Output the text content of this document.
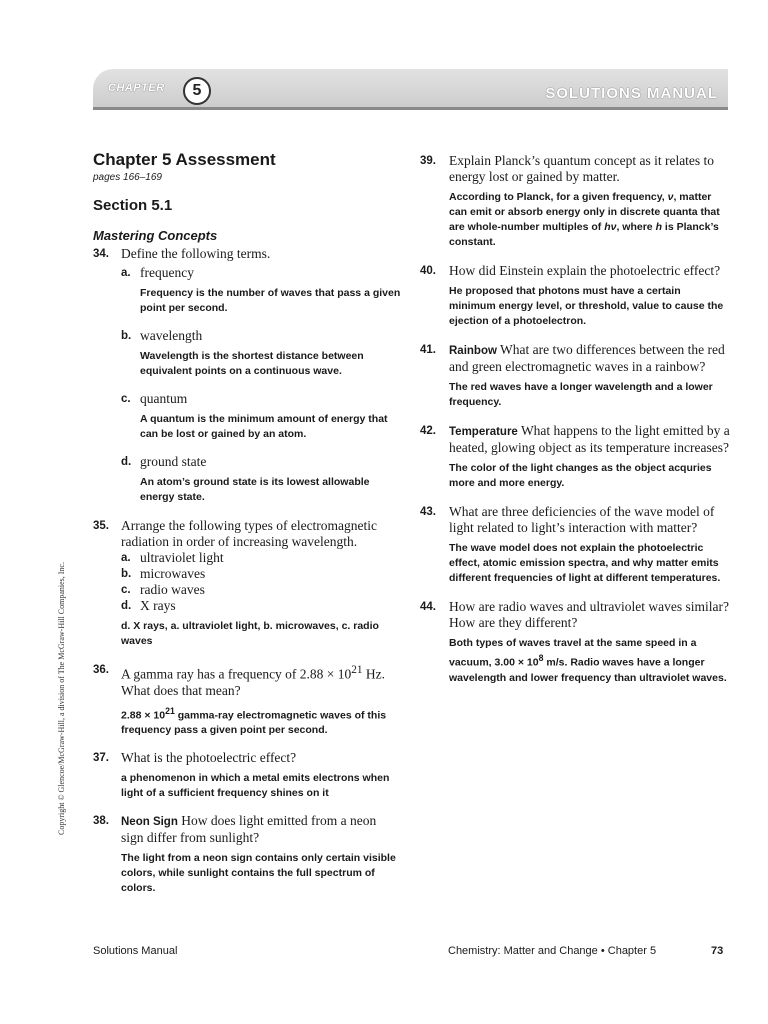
CHAPTER	5	SOLUTIONS MANUAL
Copyright © Glencoe/McGraw-Hill, a division of The McGraw-Hill Companies, Inc.
Chapter 5 Assessment
pages 166–169
Section 5.1
Mastering Concepts
34. Define the following terms.
a. frequency
Frequency is the number of waves that pass a given point per second.
b. wavelength
Wavelength is the shortest distance between equivalent points on a continuous wave.
c. quantum
A quantum is the minimum amount of energy that can be lost or gained by an atom.
d. ground state
An atom’s ground state is its lowest allowable energy state.
35. Arrange the following types of electromagnetic radiation in order of increasing wavelength.
a. ultraviolet light
b. microwaves
c. radio waves
d. X rays
d. X rays, a. ultraviolet light, b. microwaves, c. radio waves
36. A gamma ray has a frequency of $2.88 \times 10^{21}$ Hz. What does that mean?
$2.88 \times 10^{21}$ gamma-ray electromagnetic waves of this frequency pass a given point per second.
37. What is the photoelectric effect?
a phenomenon in which a metal emits electrons when light of a sufficient frequency shines on it
38. Neon Sign How does light emitted from a neon sign differ from sunlight?
The light from a neon sign contains only certain visible colors, while sunlight contains the full spectrum of colors.
39. Explain Planck’s quantum concept as it relates to energy lost or gained by matter.
According to Planck, for a given frequency, ν, matter can emit or absorb energy only in discrete quanta that are whole-number multiples of hν, where h is Planck’s constant.
40. How did Einstein explain the photoelectric effect?
He proposed that photons must have a certain minimum energy level, or threshold, value to cause the ejection of a photoelectron.
41. Rainbow What are two differences between the red and green electromagnetic waves in a rainbow?
The red waves have a longer wavelength and a lower frequency.
42. Temperature What happens to the light emitted by a heated, glowing object as its temperature increases?
The color of the light changes as the object acquries more and more energy.
43. What are three deficiencies of the wave model of light related to light’s interaction with matter?
The wave model does not explain the photoelectric effect, atomic emission spectra, and why matter emits different frequencies of light at different temperatures.
44. How are radio waves and ultraviolet waves similar? How are they different?
Both types of waves travel at the same speed in a vacuum, $3.00 \times 10^8$ m/s. Radio waves have a longer wavelength and lower frequency than ultraviolet waves.
Solutions Manual	Chemistry: Matter and Change • Chapter 5	73
